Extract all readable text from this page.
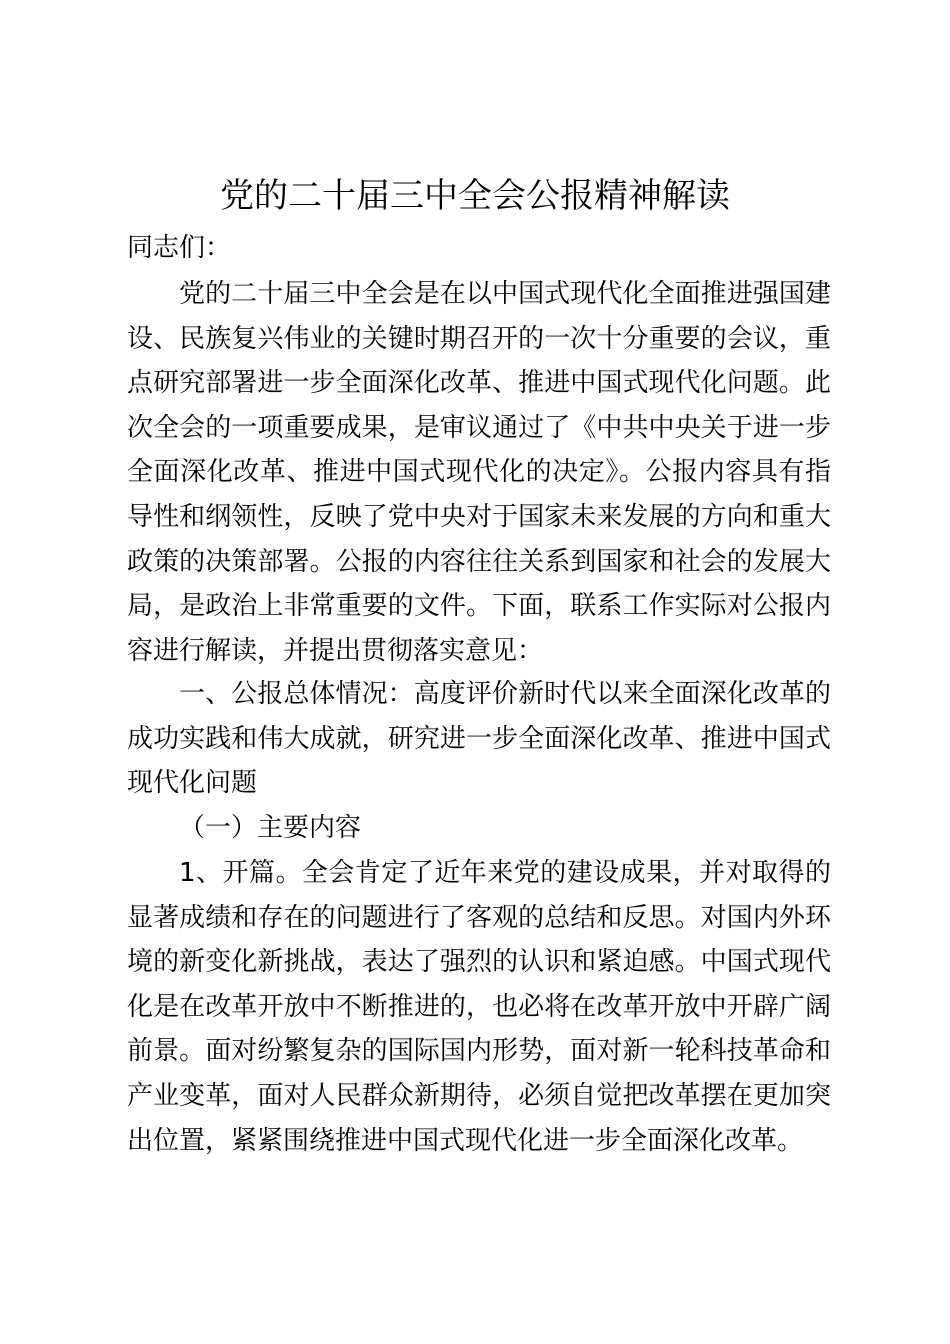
党的二十届三中全会公报精神解读

同志们：

党的二十届三中全会是在以中国式现代化全面推进强国建设、民族复兴伟业的关键时期召开的一次十分重要的会议，重点研究部署进一步全面深化改革、推进中国式现代化问题。此次全会的一项重要成果，是审议通过了《中共中央关于进一步全面深化改革、推进中国式现代化的决定》。公报内容具有指导性和纲领性，反映了党中央对于国家未来发展的方向和重大政策的决策部署。公报的内容往往关系到国家和社会的发展大局，是政治上非常重要的文件。下面，联系工作实际对公报内容进行解读，并提出贯彻落实意见：

一、公报总体情况：高度评价新时代以来全面深化改革的成功实践和伟大成就，研究进一步全面深化改革、推进中国式现代化问题

（一）主要内容

1、开篇。全会肯定了近年来党的建设成果，并对取得的显著成绩和存在的问题进行了客观的总结和反思。对国内外环境的新变化新挑战，表达了强烈的认识和紧迫感。中国式现代化是在改革开放中不断推进的，也必将在改革开放中开辟广阔前景。面对纷繁复杂的国际国内形势，面对新一轮科技革命和产业变革，面对人民群众新期待，必须自觉把改革摆在更加突出位置，紧紧围绕推进中国式现代化进一步全面深化改革。
